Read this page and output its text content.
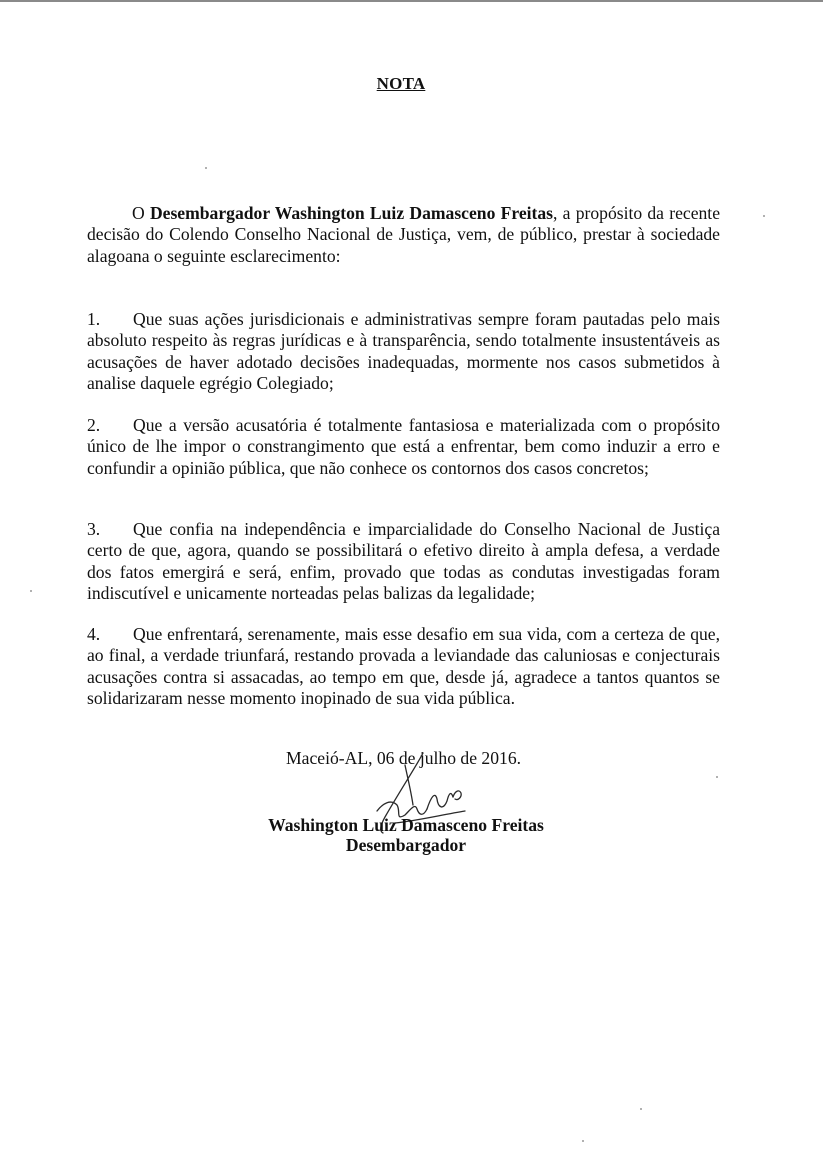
NOTA

O Desembargador Washington Luiz Damasceno Freitas, a propósito da recente decisão do Colendo Conselho Nacional de Justiça, vem, de público, prestar à sociedade alagoana o seguinte esclarecimento:

1. Que suas ações jurisdicionais e administrativas sempre foram pautadas pelo mais absoluto respeito às regras jurídicas e à transparência, sendo totalmente insustentáveis as acusações de haver adotado decisões inadequadas, mormente nos casos submetidos à analise daquele egrégio Colegiado;

2. Que a versão acusatória é totalmente fantasiosa e materializada com o propósito único de lhe impor o constrangimento que está a enfrentar, bem como induzir a erro e confundir a opinião pública, que não conhece os contornos dos casos concretos;

3. Que confia na independência e imparcialidade do Conselho Nacional de Justiça certo de que, agora, quando se possibilitará o efetivo direito à ampla defesa, a verdade dos fatos emergirá e será, enfim, provado que todas as condutas investigadas foram indiscutível e unicamente norteadas pelas balizas da legalidade;

4. Que enfrentará, serenamente, mais esse desafio em sua vida, com a certeza de que, ao final, a verdade triunfará, restando provada a leviandade das caluniosas e conjecturais acusações contra si assacadas, ao tempo em que, desde já, agradece a tantos quantos se solidarizaram nesse momento inopinado de sua vida pública.

Maceió-AL, 06 de julho de 2016.
Washington Luiz Damasceno Freitas
Desembargador
